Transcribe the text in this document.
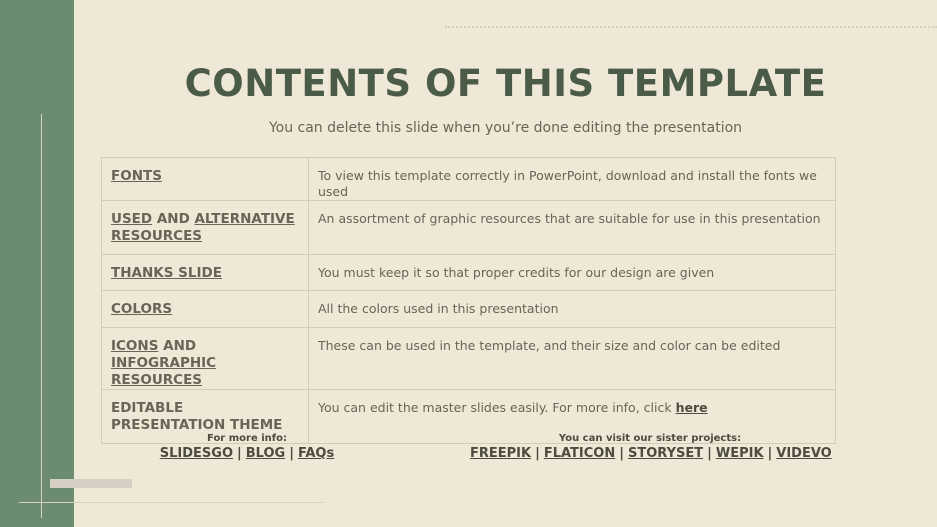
CONTENTS OF THIS TEMPLATE

You can delete this slide when you’re done editing the presentation

FONTS	To view this template correctly in PowerPoint, download and install the fonts we used
USED AND ALTERNATIVE
RESOURCES	An assortment of graphic resources that are suitable for use in this presentation
THANKS SLIDE	You must keep it so that proper credits for our design are given
COLORS	All the colors used in this presentation
ICONS AND INFOGRAPHIC
RESOURCES	These can be used in the template, and their size and color can be edited
EDITABLE PRESENTATION THEME	You can edit the master slides easily. For more info, click here
For more info:
SLIDESGO | BLOG | FAQs
You can visit our sister projects:
FREEPIK | FLATICON | STORYSET | WEPIK | VIDEVO
